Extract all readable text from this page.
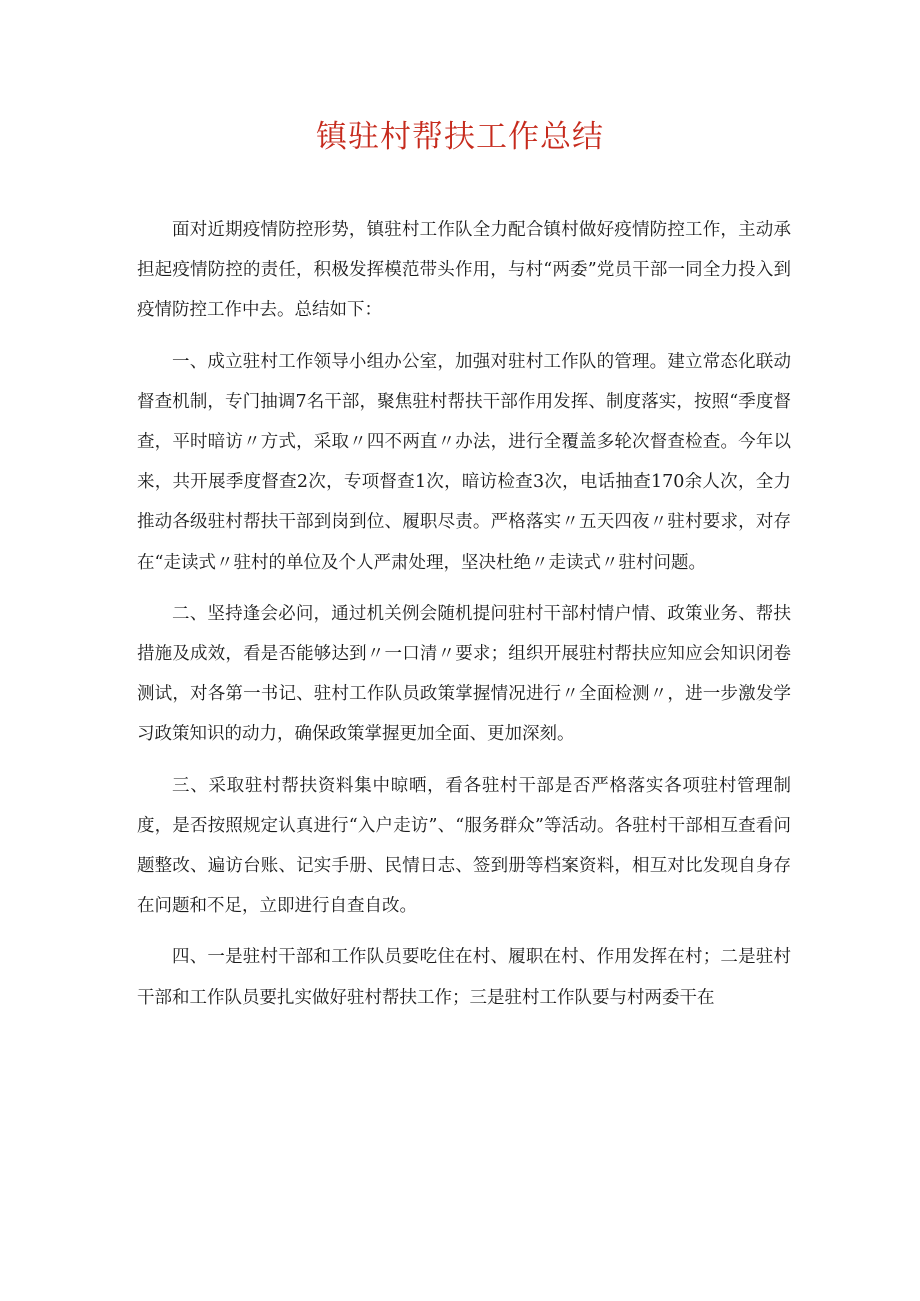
镇驻村帮扶工作总结

面对近期疫情防控形势，镇驻村工作队全力配合镇村做好疫情防控工作，主动承担起疫情防控的责任，积极发挥模范带头作用，与村“两委”党员干部一同全力投入到疫情防控工作中去。总结如下：

一、成立驻村工作领导小组办公室，加强对驻村工作队的管理。建立常态化联动督查机制，专门抽调7名干部，聚焦驻村帮扶干部作用发挥、制度落实，按照“季度督查，平时暗访〃方式，采取〃四不两直〃办法，进行全覆盖多轮次督查检查。今年以来，共开展季度督查2次，专项督查1次，暗访检查3次，电话抽查170余人次，全力推动各级驻村帮扶干部到岗到位、履职尽责。严格落实〃五天四夜〃驻村要求，对存在“走读式〃驻村的单位及个人严肃处理，坚决杜绝〃走读式〃驻村问题。

二、坚持逢会必问，通过机关例会随机提问驻村干部村情户情、政策业务、帮扶措施及成效，看是否能够达到〃一口清〃要求；组织开展驻村帮扶应知应会知识闭卷测试，对各第一书记、驻村工作队员政策掌握情况进行〃全面检测〃，进一步激发学习政策知识的动力，确保政策掌握更加全面、更加深刻。

三、采取驻村帮扶资料集中晾晒，看各驻村干部是否严格落实各项驻村管理制度，是否按照规定认真进行“入户走访”、“服务群众”等活动。各驻村干部相互查看问题整改、遍访台账、记实手册、民情日志、签到册等档案资料，相互对比发现自身存在问题和不足，立即进行自查自改。

四、一是驻村干部和工作队员要吃住在村、履职在村、作用发挥在村；二是驻村干部和工作队员要扎实做好驻村帮扶工作；三是驻村工作队要与村两委干在
